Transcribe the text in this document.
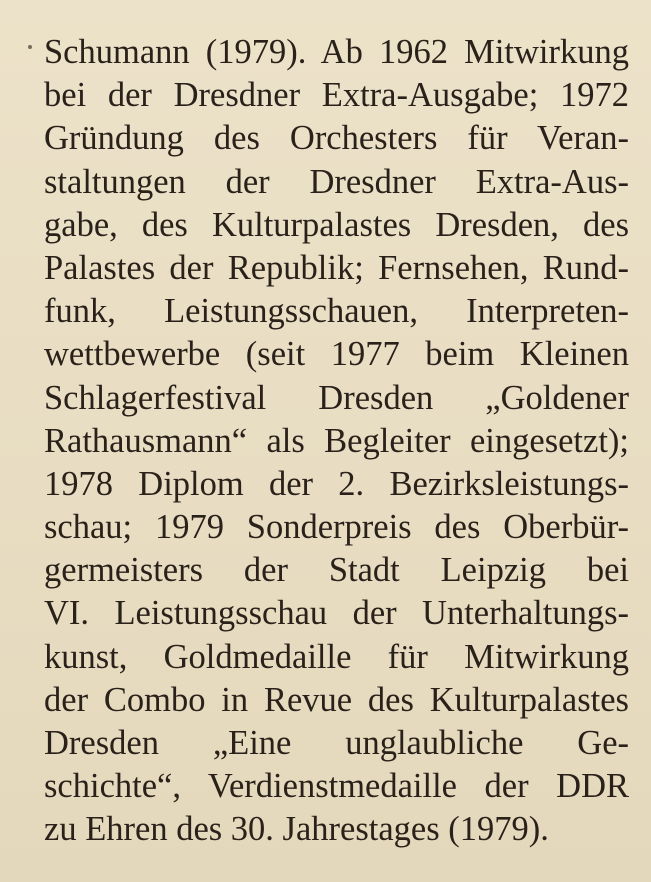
Schumann (1979). Ab 1962 Mitwirkung
bei der Dresdner Extra-Ausgabe; 1972
Gründung des Orchesters für Veran-
staltungen der Dresdner Extra-Aus-
gabe, des Kulturpalastes Dresden, des
Palastes der Republik; Fernsehen, Rund-
funk, Leistungsschauen, Interpreten-
wettbewerbe (seit 1977 beim Kleinen
Schlagerfestival Dresden „Goldener
Rathausmann“ als Begleiter eingesetzt);
1978 Diplom der 2. Bezirksleistungs-
schau; 1979 Sonderpreis des Oberbür-
germeisters der Stadt Leipzig bei
VI. Leistungsschau der Unterhaltungs-
kunst, Goldmedaille für Mitwirkung
der Combo in Revue des Kulturpalastes
Dresden „Eine unglaubliche Ge-
schichte“, Verdienstmedaille der DDR
zu Ehren des 30. Jahrestages (1979).
